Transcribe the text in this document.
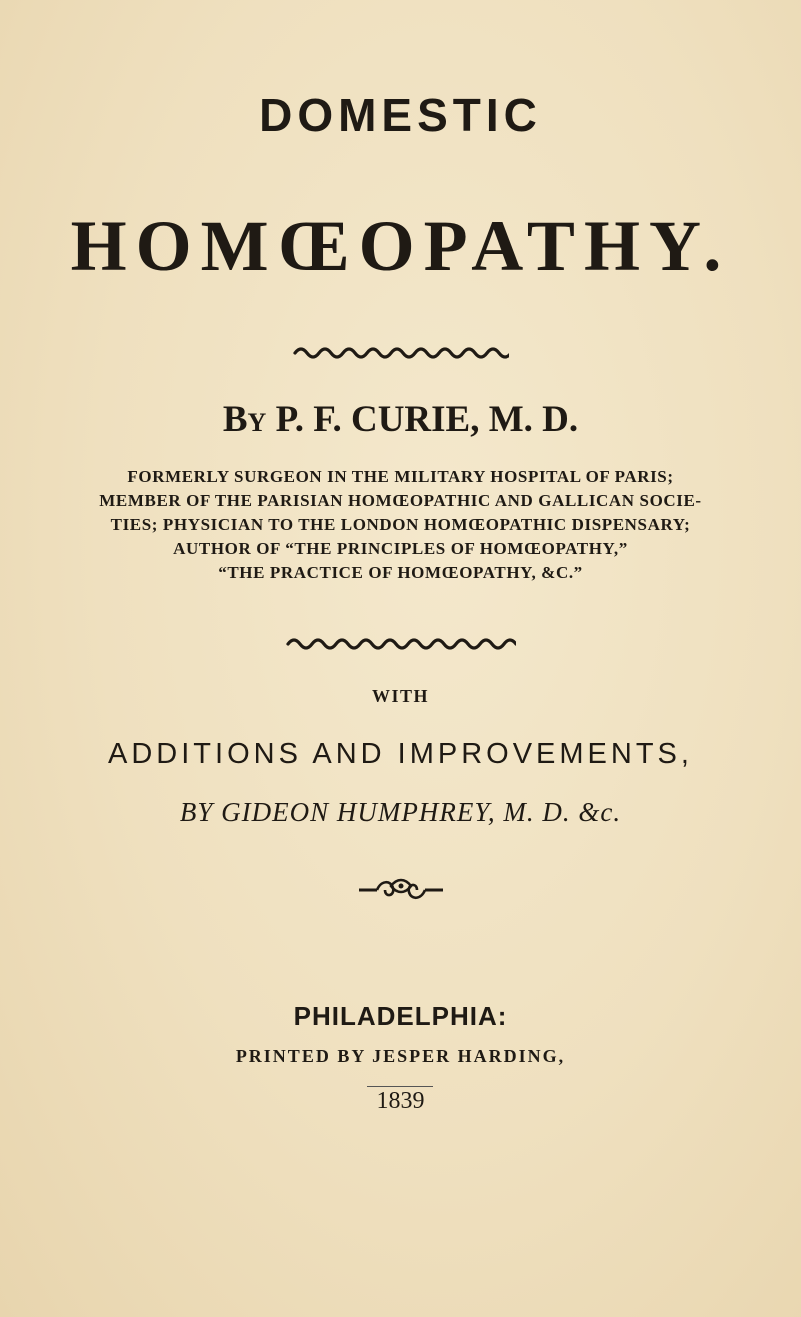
DOMESTIC
HOMŒOPATHY.
By P. F. CURIE, M. D.
FORMERLY SURGEON IN THE MILITARY HOSPITAL OF PARIS;
MEMBER OF THE PARISIAN HOMŒOPATHIC AND GALLICAN SOCIE-
TIES; PHYSICIAN TO THE LONDON HOMŒOPATHIC DISPENSARY;
AUTHOR OF “THE PRINCIPLES OF HOMŒOPATHY,”
“THE PRACTICE OF HOMŒOPATHY, &C.”
WITH
ADDITIONS AND IMPROVEMENTS,
BY GIDEON HUMPHREY, M. D. &c.
PHILADELPHIA:
PRINTED BY JESPER HARDING,
1839
